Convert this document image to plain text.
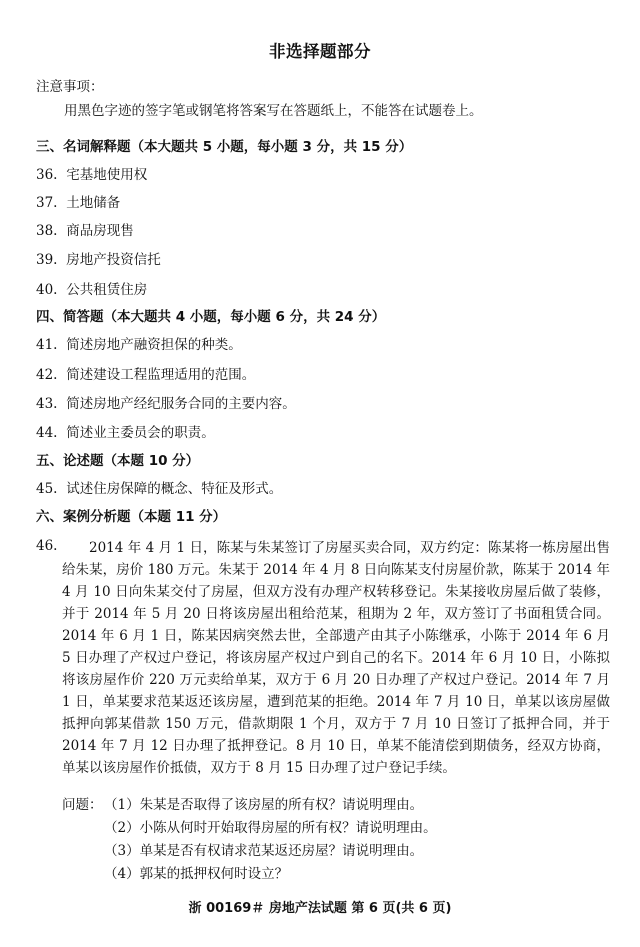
非选择题部分
注意事项：
用黑色字迹的签字笔或钢笔将答案写在答题纸上，不能答在试题卷上。
三、名词解释题（本大题共 5 小题，每小题 3 分，共 15 分）
36. 宅基地使用权
37. 土地储备
38. 商品房现售
39. 房地产投资信托
40. 公共租赁住房
四、简答题（本大题共 4 小题，每小题 6 分，共 24 分）
41. 简述房地产融资担保的种类。
42. 简述建设工程监理适用的范围。
43. 简述房地产经纪服务合同的主要内容。
44. 简述业主委员会的职责。
五、论述题（本题 10 分）
45. 试述住房保障的概念、特征及形式。
六、案例分析题（本题 11 分）
46.	2014 年 4 月 1 日，陈某与朱某签订了房屋买卖合同，双方约定：陈某将一栋房屋出售给朱某，房价 180 万元。朱某于 2014 年 4 月 8 日向陈某支付房屋价款，陈某于 2014 年 4 月 10 日向朱某交付了房屋，但双方没有办理产权转移登记。朱某接收房屋后做了装修，并于 2014 年 5 月 20 日将该房屋出租给范某，租期为 2 年，双方签订了书面租赁合同。2014 年 6 月 1 日，陈某因病突然去世，全部遗产由其子小陈继承，小陈于 2014 年 6 月 5 日办理了产权过户登记，将该房屋产权过户到自己的名下。2014 年 6 月 10 日，小陈拟将该房屋作价 220 万元卖给单某，双方于 6 月 20 日办理了产权过户登记。2014 年 7 月 1 日，单某要求范某返还该房屋，遭到范某的拒绝。2014 年 7 月 10 日，单某以该房屋做抵押向郭某借款 150 万元，借款期限 1 个月，双方于 7 月 10 日签订了抵押合同，并于 2014 年 7 月 12 日办理了抵押登记。8 月 10 日，单某不能清偿到期债务，经双方协商，单某以该房屋作价抵债，双方于 8 月 15 日办理了过户登记手续。
问题： （1）朱某是否取得了该房屋的所有权？请说明理由。
（2）小陈从何时开始取得房屋的所有权？请说明理由。
（3）单某是否有权请求范某返还房屋？请说明理由。
（4）郭某的抵押权何时设立？
浙 00169＃ 房地产法试题 第 6 页(共 6 页)
